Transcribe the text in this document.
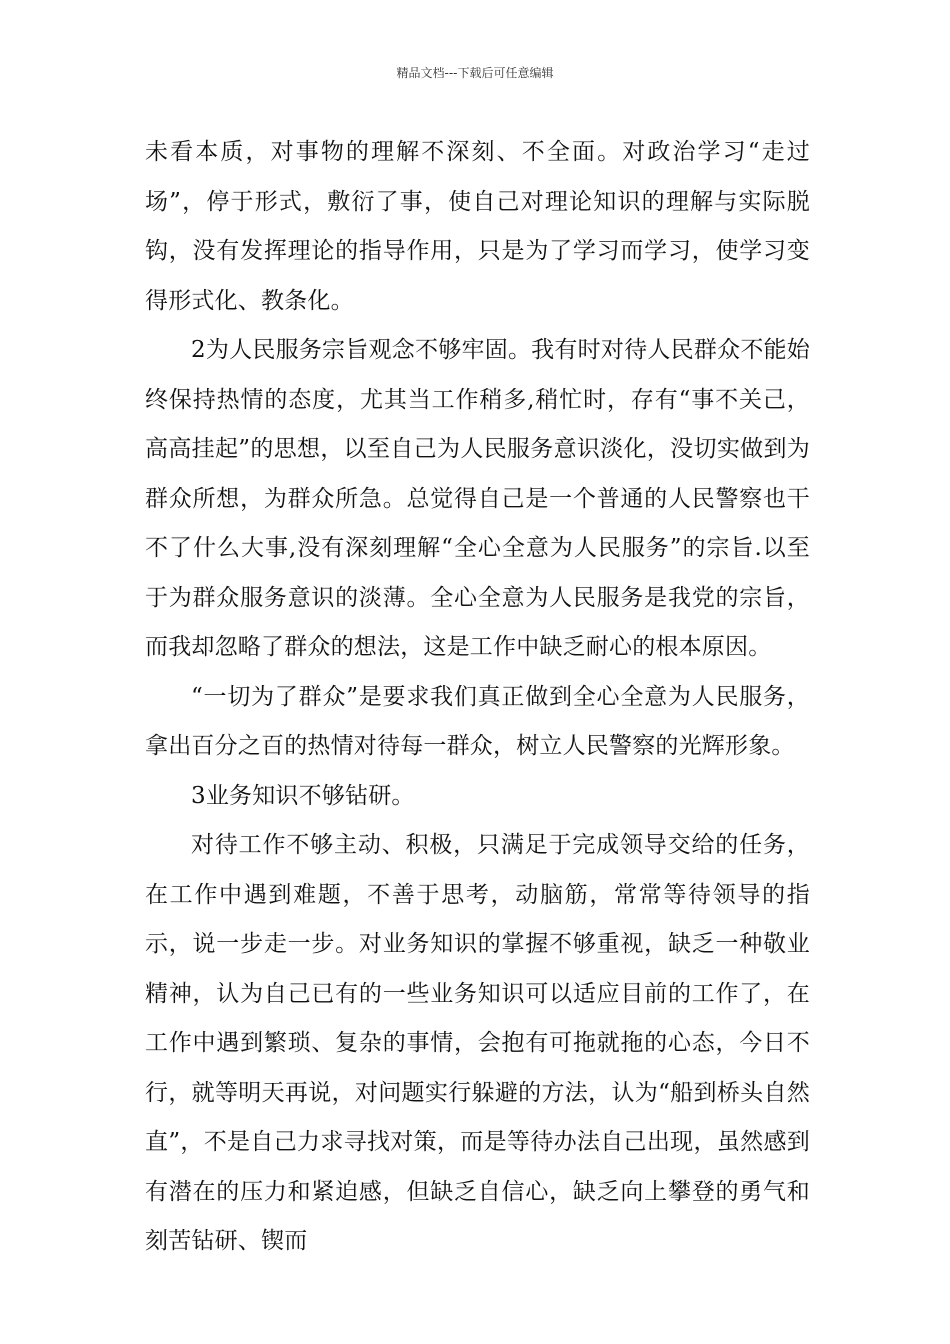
精品文档---下载后可任意编辑

未看本质，对事物的理解不深刻、不全面。对政治学习“走过场”，停于形式，敷衍了事，使自己对理论知识的理解与实际脱钩，没有发挥理论的指导作用，只是为了学习而学习，使学习变得形式化、教条化。

2为人民服务宗旨观念不够牢固。我有时对待人民群众不能始终保持热情的态度，尤其当工作稍多,稍忙时，存有“事不关己，高高挂起”的思想，以至自己为人民服务意识淡化，没切实做到为群众所想，为群众所急。总觉得自己是一个普通的人民警察也干不了什么大事,没有深刻理解“全心全意为人民服务”的宗旨.以至于为群众服务意识的淡薄。全心全意为人民服务是我党的宗旨，而我却忽略了群众的想法，这是工作中缺乏耐心的根本原因。

“一切为了群众”是要求我们真正做到全心全意为人民服务，拿出百分之百的热情对待每一群众，树立人民警察的光辉形象。

3业务知识不够钻研。

对待工作不够主动、积极，只满足于完成领导交给的任务，在工作中遇到难题，不善于思考，动脑筋，常常等待领导的指示，说一步走一步。对业务知识的掌握不够重视，缺乏一种敬业精神，认为自己已有的一些业务知识可以适应目前的工作了，在工作中遇到繁琐、复杂的事情，会抱有可拖就拖的心态，今日不行，就等明天再说，对问题实行躲避的方法，认为“船到桥头自然直”，不是自己力求寻找对策，而是等待办法自己出现，虽然感到有潜在的压力和紧迫感，但缺乏自信心，缺乏向上攀登的勇气和刻苦钻研、锲而
